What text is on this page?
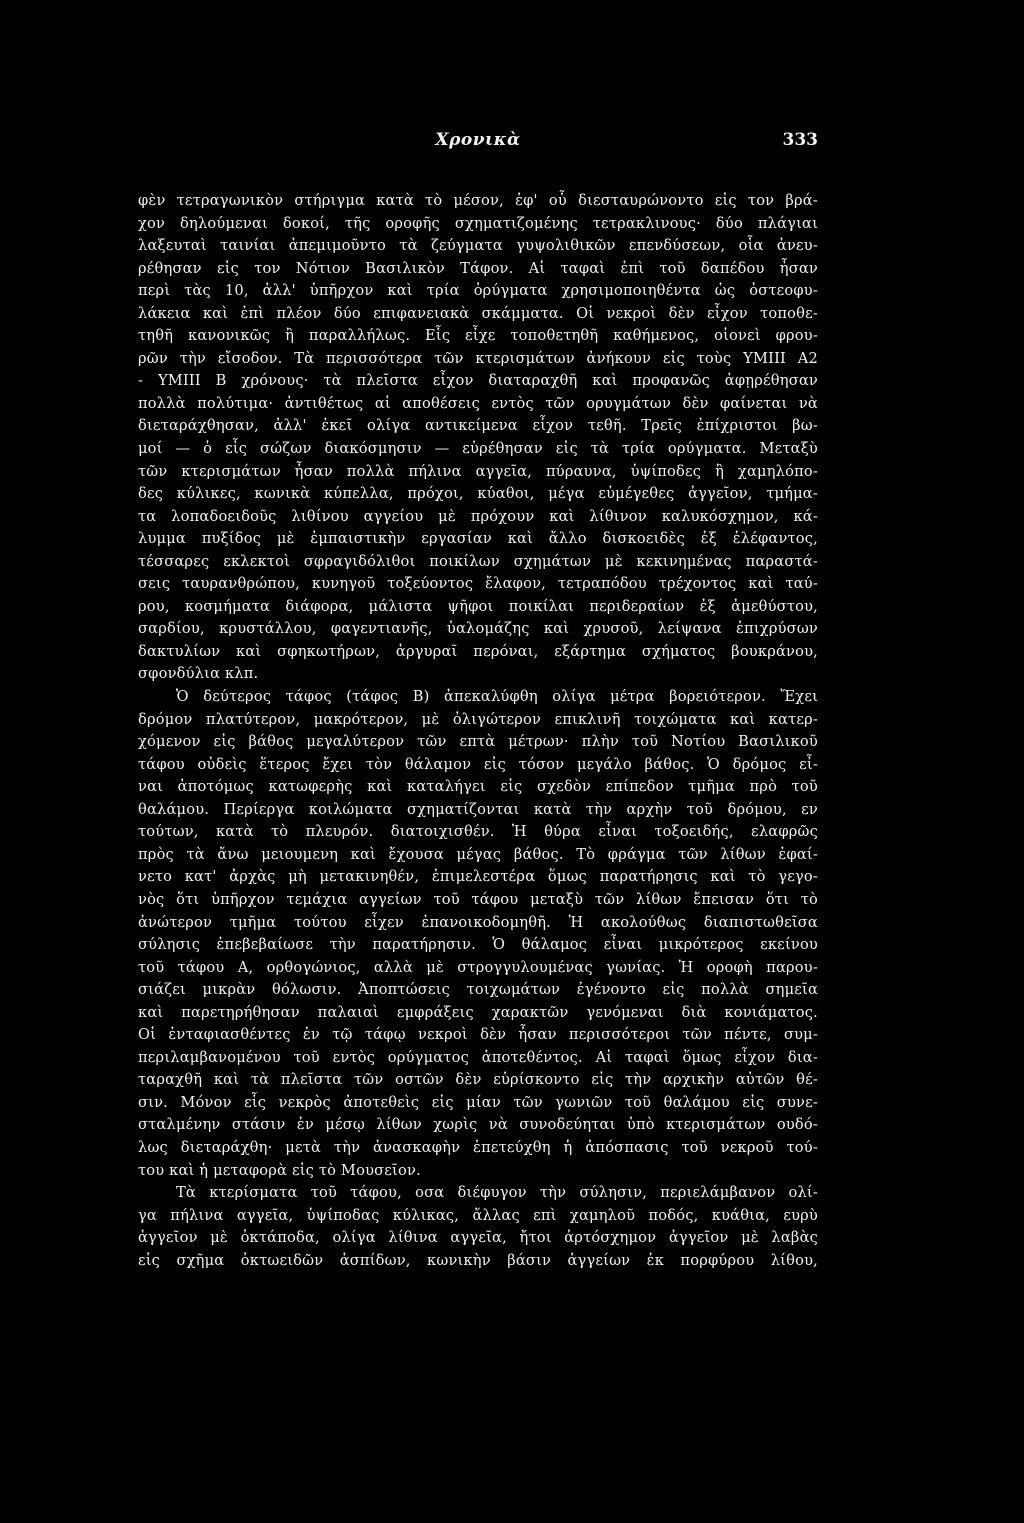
Χρονικὰ	333
φὲν τετραγωνικὸν στήριγμα κατὰ τὸ μέσον, ἐφ' οὗ διεσταυρώνοντο εἰς τον βρά-
χον δηλούμεναι δοκοί, τῆς οροφῆς σχηματιζομένης τετρακλινους· δύο πλάγιαι
λαξευταὶ ταινίαι ἀπεμιμοῦντο τὰ ζεύγματα γυψολιθικῶν επενδύσεων, οἷα ἀνευ-
ρέθησαν εἰς τον Νότιον Βασιλικὸν Τάφον. Αἱ ταφαὶ ἐπὶ τοῦ δαπέδου ἦσαν
περὶ τὰς 10, ἀλλ' ὑπῆρχον καὶ τρία ὀρύγματα χρησιμοποιηθέντα ὡς ὀστεοφυ-
λάκεια καὶ ἐπὶ πλέον δύο επιφανειακὰ σκάμματα. Οἱ νεκροὶ δὲν εἶχον τοποθε-
τηθῆ κανονικῶς ἢ παραλλήλως. Εἷς εἶχε τοποθετηθῆ καθήμενος, οἱονεὶ φρου-
ρῶν τὴν εἴσοδον. Τὰ περισσότερα τῶν κτερισμάτων ἀνήκουν εἰς τοὺς ΥΜΙΙΙ Α2
- ΥΜΙΙΙ Β χρόνους· τὰ πλεῖστα εἶχον διαταραχθῆ καὶ προφανῶς ἀφῃρέθησαν
πολλὰ πολύτιμα· ἀντιθέτως αἱ αποθέσεις εντὸς τῶν ορυγμάτων δὲν φαίνεται νὰ
διεταράχθησαν, ἀλλ' ἐκεῖ ολίγα αντικείμενα εἶχον τεθῆ. Τρεῖς ἐπίχριστοι βω-
μοί — ὁ εἷς σώζων διακόσμησιν — εὑρέθησαν εἰς τὰ τρία ορύγματα. Μεταξὺ
τῶν κτερισμάτων ἦσαν πολλὰ πήλινα αγγεῖα, πύραυνα, ὑψίποδες ἢ χαμηλόπο-
δες κύλικες, κωνικὰ κύπελλα, πρόχοι, κύαθοι, μέγα εὐμέγεθες ἀγγεῖον, τμήμα-
τα λοπαδοειδοῦς λιθίνου αγγείου μὲ πρόχουν καὶ λίθινον καλυκόσχημον, κά-
λυμμα πυξίδος μὲ ἐμπαιστικὴν εργασίαν καὶ ἄλλο δισκοειδὲς ἐξ ἐλέφαντος,
τέσσαρες εκλεκτοὶ σφραγιδόλιθοι ποικίλων σχημάτων μὲ κεκινημένας παραστά-
σεις ταυρανθρώπου, κυνηγοῦ τοξεύοντος ἔλαφον, τετραπόδου τρέχοντος καὶ ταύ-
ρου, κοσμήματα διάφορα, μάλιστα ψῆφοι ποικίλαι περιδεραίων ἐξ ἀμεθύστου,
σαρδίου, κρυστάλλου, φαγεντιανῆς, ὑαλομάζης καὶ χρυσοῦ, λείψανα ἐπιχρύσων
δακτυλίων καὶ σφηκωτήρων, ἀργυραῖ περόναι, εξάρτημα σχήματος βουκράνου,
σφονδύλια κλπ.
Ὁ δεύτερος τάφος (τάφος Β) ἀπεκαλύφθη ολίγα μέτρα βορειότερον. Ἔχει
δρόμον πλατύτερον, μακρότερον, μὲ ὀλιγώτερον επικλινῆ τοιχώματα καὶ κατερ-
χόμενον εἰς βάθος μεγαλύτερον τῶν επτὰ μέτρων· πλὴν τοῦ Νοτίου Βασιλικοῦ
τάφου οὐδεὶς ἕτερος ἔχει τὸν θάλαμον εἰς τόσον μεγάλο βάθος. Ὁ δρόμος εἶ-
ναι ἀποτόμως κατωφερὴς καὶ καταλήγει εἰς σχεδὸν επίπεδον τμῆμα πρὸ τοῦ
θαλάμου. Περίεργα κοιλώματα σχηματίζονται κατὰ τὴν αρχὴν τοῦ δρόμου, εν
τούτων, κατὰ τὸ πλευρόν. διατοιχισθέν. Ἡ θύρα εἶναι τοξοειδής, ελαφρῶς
πρὸς τὰ ἄνω μειουμενη καὶ ἔχουσα μέγας βάθος. Τὸ φράγμα τῶν λίθων ἐφαί-
νετο κατ' ἀρχὰς μὴ μετακινηθέν, ἐπιμελεστέρα ὅμως παρατήρησις καὶ τὸ γεγο-
νὸς ὅτι ὑπῆρχον τεμάχια αγγείων τοῦ τάφου μεταξὺ τῶν λίθων ἔπεισαν ὅτι τὸ
ἀνώτερον τμῆμα τούτου εἶχεν ἐπανοικοδομηθῆ. Ἡ ακολούθως διαπιστωθεῖσα
σύλησις ἐπεβεβαίωσε τὴν παρατήρησιν. Ὁ θάλαμος εἶναι μικρότερος εκείνου
τοῦ τάφου Α, ορθογώνιος, αλλὰ μὲ στρογγυλουμένας γωνίας. Ἡ οροφὴ παρου-
σιάζει μικρὰν θόλωσιν. Ἀποπτώσεις τοιχωμάτων ἐγένοντο εἰς πολλὰ σημεῖα
καὶ παρετηρήθησαν παλαιαὶ εμφράξεις χαρακτῶν γενόμεναι διὰ κονιάματος.
Οἱ ἐνταφιασθέντες ἐν τῷ τάφῳ νεκροὶ δὲν ἦσαν περισσότεροι τῶν πέντε, συμ-
περιλαμβανομένου τοῦ εντὸς ορύγματος ἀποτεθέντος. Αἱ ταφαὶ ὅμως εἶχον δια-
ταραχθῆ καὶ τὰ πλεῖστα τῶν οστῶν δὲν εὑρίσκοντο εἰς τὴν αρχικὴν αὐτῶν θέ-
σιν. Μόνον εἷς νεκρὸς ἀποτεθεὶς εἰς μίαν τῶν γωνιῶν τοῦ θαλάμου εἰς συνε-
σταλμένην στάσιν ἐν μέσῳ λίθων χωρὶς νὰ συνοδεύηται ὑπὸ κτερισμάτων ουδό-
λως διεταράχθη· μετὰ τὴν ἀνασκαφὴν ἐπετεύχθη ἡ ἀπόσπασις τοῦ νεκροῦ τού-
του καὶ ἡ μεταφορὰ εἰς τὸ Μουσεῖον.
Τὰ κτερίσματα τοῦ τάφου, οσα διέφυγον τὴν σύλησιν, περιελάμβανον ολί-
γα πήλινα αγγεῖα, ὑψίποδας κύλικας, ἄλλας επὶ χαμηλοῦ ποδός, κυάθια, ευρὺ
ἀγγεῖον μὲ ὀκτάποδα, ολίγα λίθινα αγγεῖα, ἤτοι ἀρτόσχημον ἀγγεῖον μὲ λαβὰς
εἰς σχῆμα ὀκτωειδῶν ἀσπίδων, κωνικὴν βάσιν ἀγγείων ἐκ πορφύρου λίθου,
